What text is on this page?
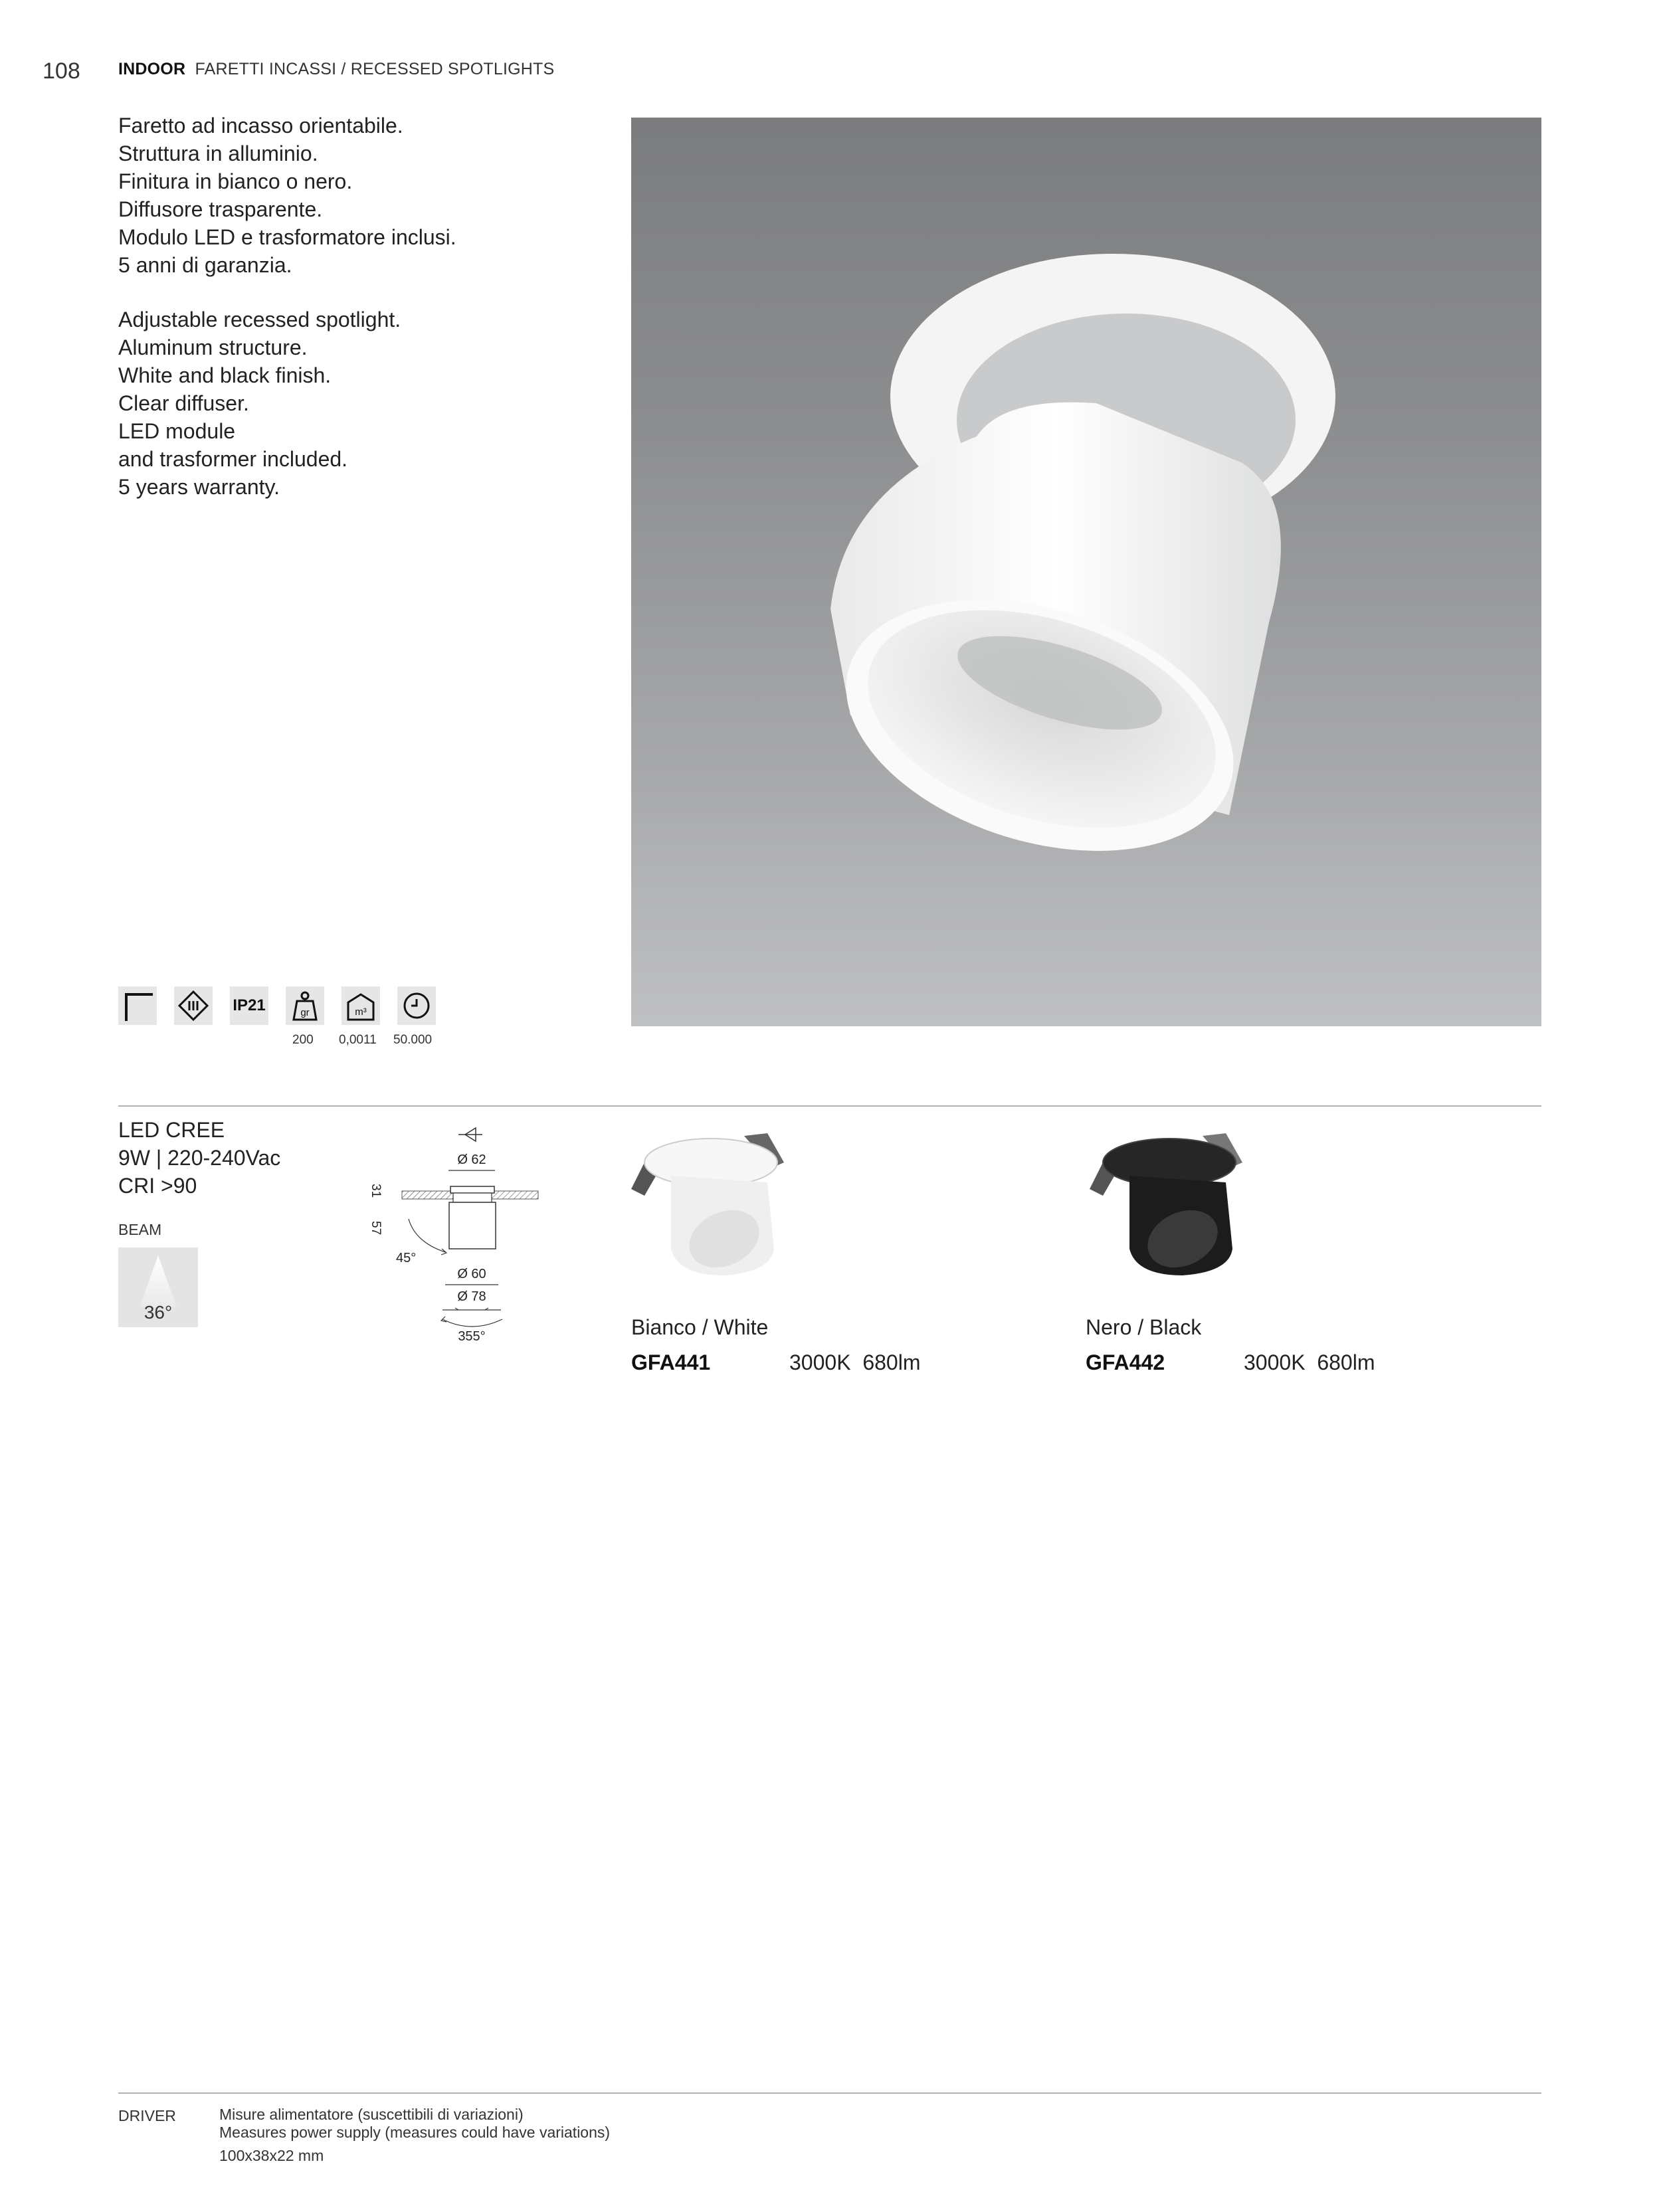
108 INDOOR FARETTI INCASSI / RECESSED SPOTLIGHTS
Faretto ad incasso orientabile.
Struttura in alluminio.
Finitura in bianco o nero.
Diffusore trasparente.
Modulo LED e trasformatore inclusi.
5 anni di garanzia.
Adjustable recessed spotlight.
Aluminum structure.
White and black finish.
Clear diffuser.
LED module
and trasformer included.
5 years warranty.
IP21	gr	m³
200 0,0011 50.000
LED CREE
9W | 220-240Vac
CRI >90
BEAM
36°
Ø 62
31
57
45°
Ø 60
Ø 78
355°	Bianco / White
GFA441	3000K 680lm
Nero / Black
GFA442	3000K 680lm
DRIVER	Misure alimentatore (suscettibili di variazioni)
Measures power supply (measures could have variations)
100x38x22 mm
